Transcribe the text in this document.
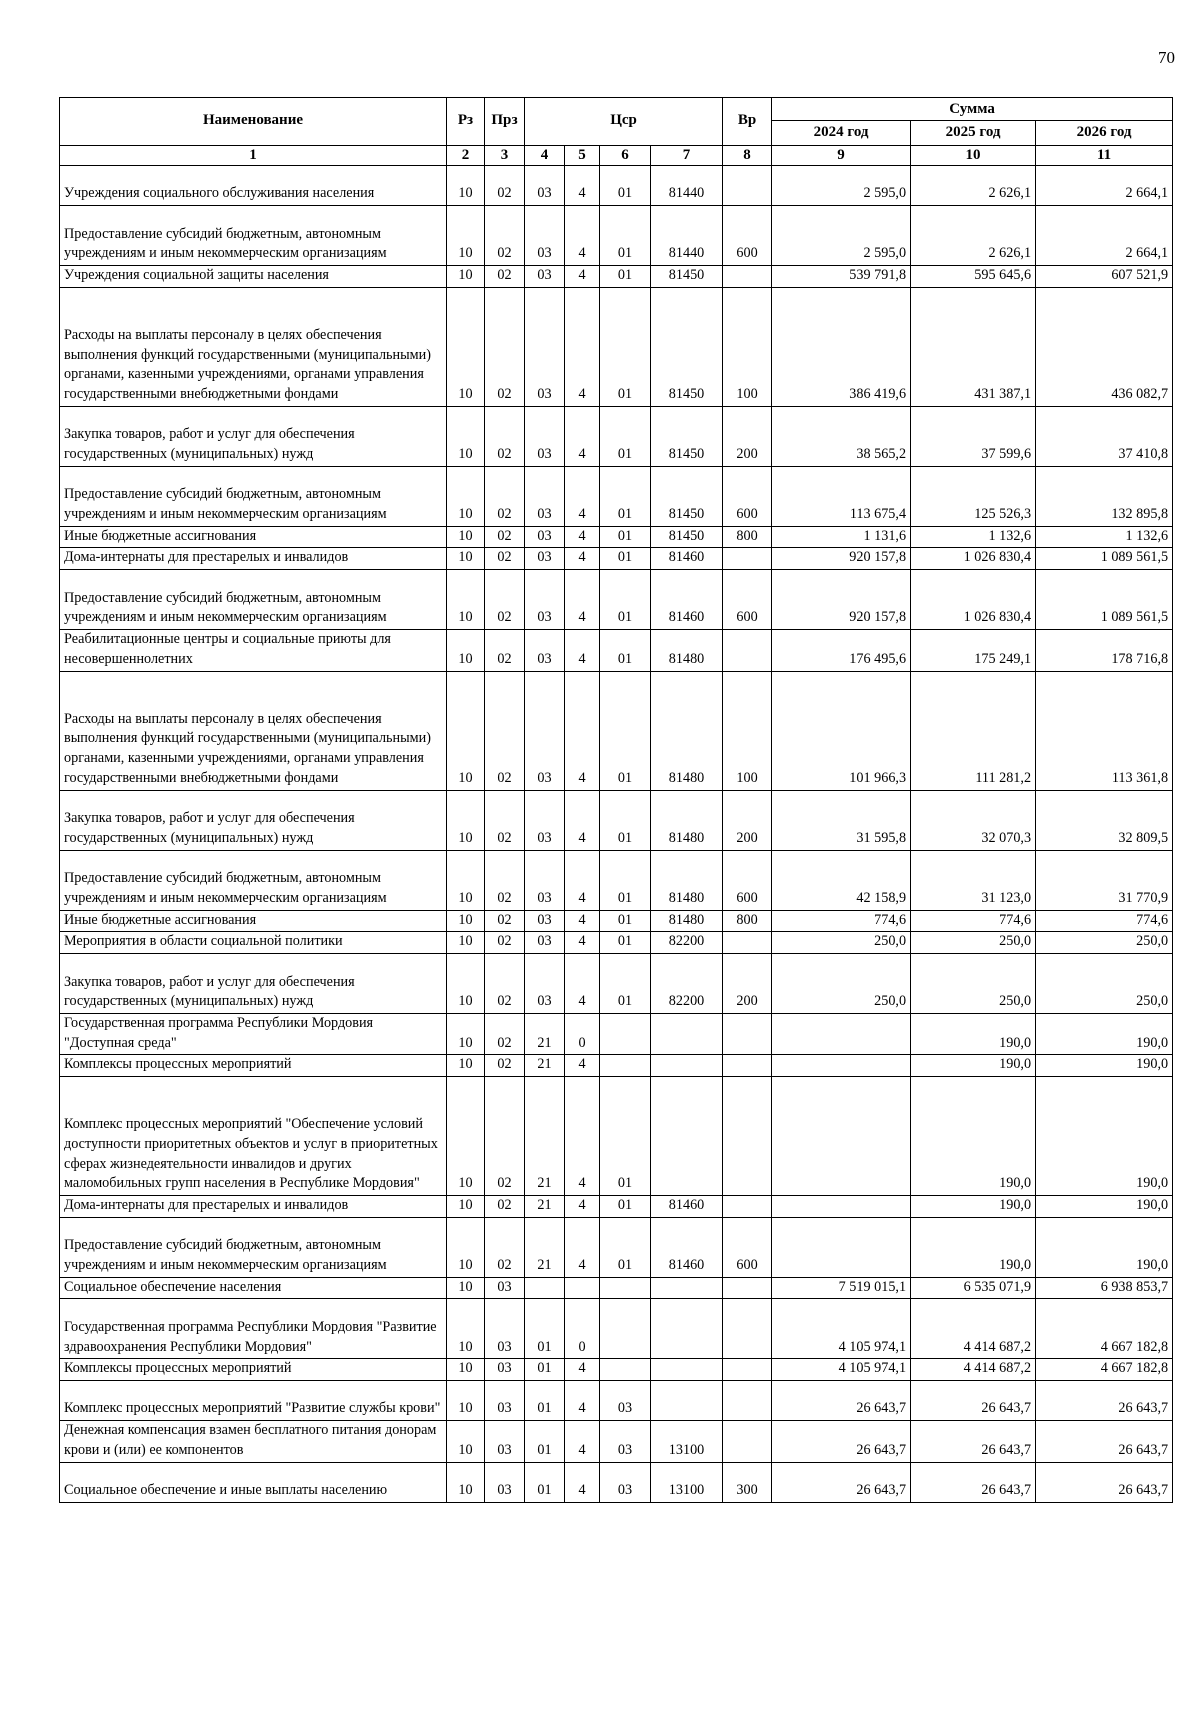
70
Наименование	Рз	Прз	Цср				Вр	Сумма		
								2024 год	2025 год	2026 год
1	2	3	4	5	6	7	8	9	10	11
Учреждения социального обслуживания населения	10	02	03	4	01	81440		2 595,0	2 626,1	2 664,1
Предоставление субсидий бюджетным, автономным учреждениям и иным некоммерческим организациям	10	02	03	4	01	81440	600	2 595,0	2 626,1	2 664,1
Учреждения социальной защиты населения	10	02	03	4	01	81450		539 791,8	595 645,6	607 521,9
Расходы на выплаты персоналу в целях обеспечения выполнения функций государственными (муниципальными) органами, казенными учреждениями, органами управления государственными внебюджетными фондами	10	02	03	4	01	81450	100	386 419,6	431 387,1	436 082,7
Закупка товаров, работ и услуг для обеспечения государственных (муниципальных) нужд	10	02	03	4	01	81450	200	38 565,2	37 599,6	37 410,8
Предоставление субсидий бюджетным, автономным учреждениям и иным некоммерческим организациям	10	02	03	4	01	81450	600	113 675,4	125 526,3	132 895,8
Иные бюджетные ассигнования	10	02	03	4	01	81450	800	1 131,6	1 132,6	1 132,6
Дома-интернаты для престарелых и инвалидов	10	02	03	4	01	81460		920 157,8	1 026 830,4	1 089 561,5
Предоставление субсидий бюджетным, автономным учреждениям и иным некоммерческим организациям	10	02	03	4	01	81460	600	920 157,8	1 026 830,4	1 089 561,5
Реабилитационные центры и социальные приюты для несовершеннолетних	10	02	03	4	01	81480		176 495,6	175 249,1	178 716,8
Расходы на выплаты персоналу в целях обеспечения выполнения функций государственными (муниципальными) органами, казенными учреждениями, органами управления государственными внебюджетными фондами	10	02	03	4	01	81480	100	101 966,3	111 281,2	113 361,8
Закупка товаров, работ и услуг для обеспечения государственных (муниципальных) нужд	10	02	03	4	01	81480	200	31 595,8	32 070,3	32 809,5
Предоставление субсидий бюджетным, автономным учреждениям и иным некоммерческим организациям	10	02	03	4	01	81480	600	42 158,9	31 123,0	31 770,9
Иные бюджетные ассигнования	10	02	03	4	01	81480	800	774,6	774,6	774,6
Мероприятия в области социальной политики	10	02	03	4	01	82200		250,0	250,0	250,0
Закупка товаров, работ и услуг для обеспечения государственных (муниципальных) нужд	10	02	03	4	01	82200	200	250,0	250,0	250,0
Государственная программа Республики Мордовия "Доступная среда"	10	02	21	0					190,0	190,0
Комплексы процессных мероприятий	10	02	21	4					190,0	190,0
Комплекс процессных мероприятий "Обеспечение условий доступности приоритетных объектов и услуг в приоритетных сферах жизнедеятельности инвалидов и других маломобильных групп населения в Республике Мордовия"	10	02	21	4	01				190,0	190,0
Дома-интернаты для престарелых и инвалидов	10	02	21	4	01	81460			190,0	190,0
Предоставление субсидий бюджетным, автономным учреждениям и иным некоммерческим организациям	10	02	21	4	01	81460	600		190,0	190,0
Социальное обеспечение населения	10	03						7 519 015,1	6 535 071,9	6 938 853,7
Государственная программа Республики Мордовия "Развитие здравоохранения Республики Мордовия"	10	03	01	0				4 105 974,1	4 414 687,2	4 667 182,8
Комплексы процессных мероприятий	10	03	01	4				4 105 974,1	4 414 687,2	4 667 182,8
Комплекс процессных мероприятий "Развитие службы крови"	10	03	01	4	03			26 643,7	26 643,7	26 643,7
Денежная компенсация взамен бесплатного питания донорам крови и (или) ее компонентов	10	03	01	4	03	13100		26 643,7	26 643,7	26 643,7
Социальное обеспечение и иные выплаты населению	10	03	01	4	03	13100	300	26 643,7	26 643,7	26 643,7
